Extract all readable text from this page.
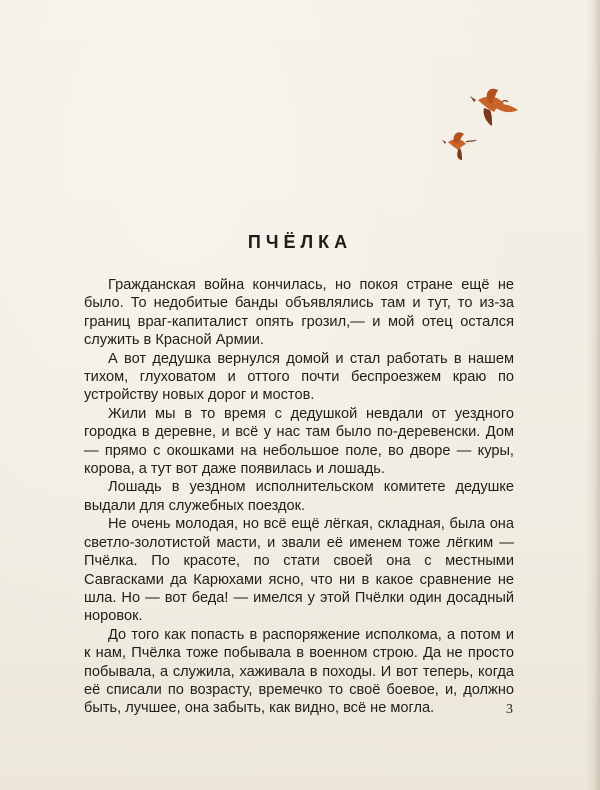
ПЧЁЛКА

Гражданская война кончилась, но покоя стране ещё не было. То недобитые банды объявлялись там и тут, то из-за границ враг-капиталист опять грозил,— и мой отец остался служить в Красной Армии.

А вот дедушка вернулся домой и стал работать в нашем тихом, глуховатом и оттого почти беспроезжем краю по устройству новых дорог и мостов.

Жили мы в то время с дедушкой невдали от уездного городка в деревне, и всё у нас там было по-деревенски. Дом — прямо с окошками на небольшое поле, во дворе — куры, корова, а тут вот даже появилась и лошадь.

Лошадь в уездном исполнительском комитете дедушке выдали для служебных поездок.

Не очень молодая, но всё ещё лёгкая, складная, была она светло-золотистой масти, и звали её именем тоже лёгким — Пчёлка. По красоте, по стати своей она с местными Савrасками да Карюхами ясно, что ни в какое сравнение не шла. Но — вот беда! — имелся у этой Пчёлки один досадный норовок.

До того как попасть в распоряжение исполкома, а потом и к нам, Пчёлка тоже побывала в военном строю. Да не просто побывала, а служила, хаживала в походы. И вот теперь, когда её списали по возрасту, времечко то своё боевое, и, должно быть, лучшее, она забыть, как видно, всё не могла.	3
